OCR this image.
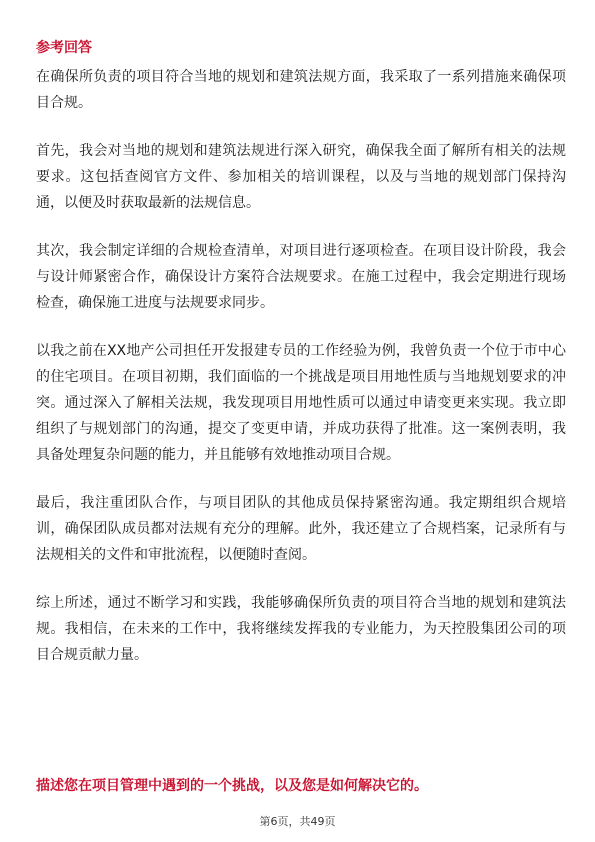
参考回答

在确保所负责的项目符合当地的规划和建筑法规方面，我采取了一系列措施来确保项目合规。

首先，我会对当地的规划和建筑法规进行深入研究，确保我全面了解所有相关的法规要求。这包括查阅官方文件、参加相关的培训课程，以及与当地的规划部门保持沟通，以便及时获取最新的法规信息。

其次，我会制定详细的合规检查清单，对项目进行逐项检查。在项目设计阶段，我会与设计师紧密合作，确保设计方案符合法规要求。在施工过程中，我会定期进行现场检查，确保施工进度与法规要求同步。

以我之前在XX地产公司担任开发报建专员的工作经验为例，我曾负责一个位于市中心的住宅项目。在项目初期，我们面临的一个挑战是项目用地性质与当地规划要求的冲突。通过深入了解相关法规，我发现项目用地性质可以通过申请变更来实现。我立即组织了与规划部门的沟通，提交了变更申请，并成功获得了批准。这一案例表明，我具备处理复杂问题的能力，并且能够有效地推动项目合规。

最后，我注重团队合作，与项目团队的其他成员保持紧密沟通。我定期组织合规培训，确保团队成员都对法规有充分的理解。此外，我还建立了合规档案，记录所有与法规相关的文件和审批流程，以便随时查阅。

综上所述，通过不断学习和实践，我能够确保所负责的项目符合当地的规划和建筑法规。我相信，在未来的工作中，我将继续发挥我的专业能力，为天控股集团公司的项目合规贡献力量。

描述您在项目管理中遇到的一个挑战，以及您是如何解决它的。
第6页，共49页
